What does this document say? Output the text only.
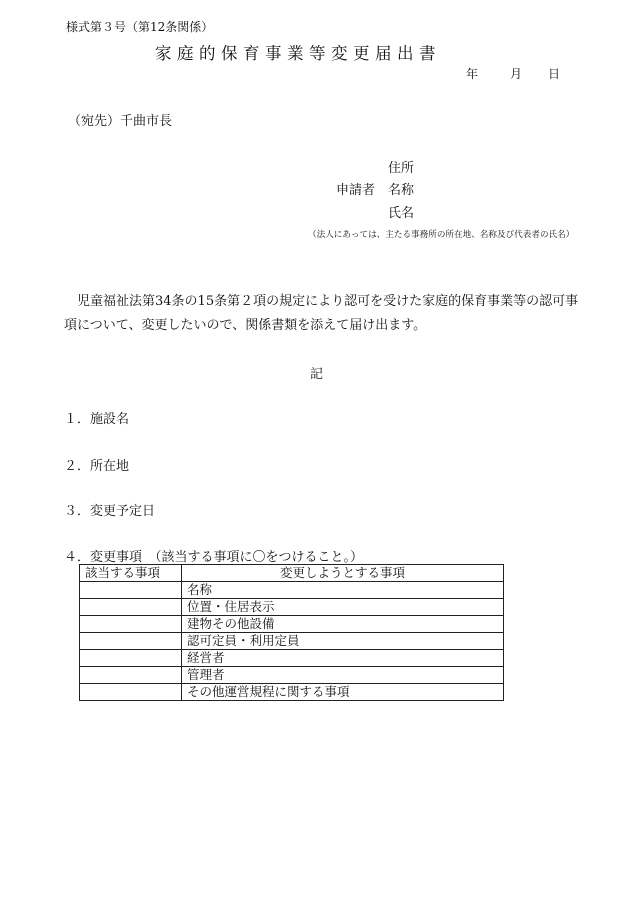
様式第３号（第12条関係）
家庭的保育事業等変更届出書
年	月 日
（宛先）千曲市長
申請者
住所
名称
氏名
（法人にあっては、主たる事務所の所在地、名称及び代表者の氏名）
児童福祉法第34条の15条第２項の規定により認可を受けた家庭的保育事業等の認可事項について、変更したいので、関係書類を添えて届け出ます。
記
１．施設名
２．所在地
３．変更予定日
４．変更事項　（該当する事項に〇をつけること。）
該当する事項	変更しようとする事項
	名称
	位置・住居表示
	建物その他設備
	認可定員・利用定員
	経営者
	管理者
	その他運営規程に関する事項
